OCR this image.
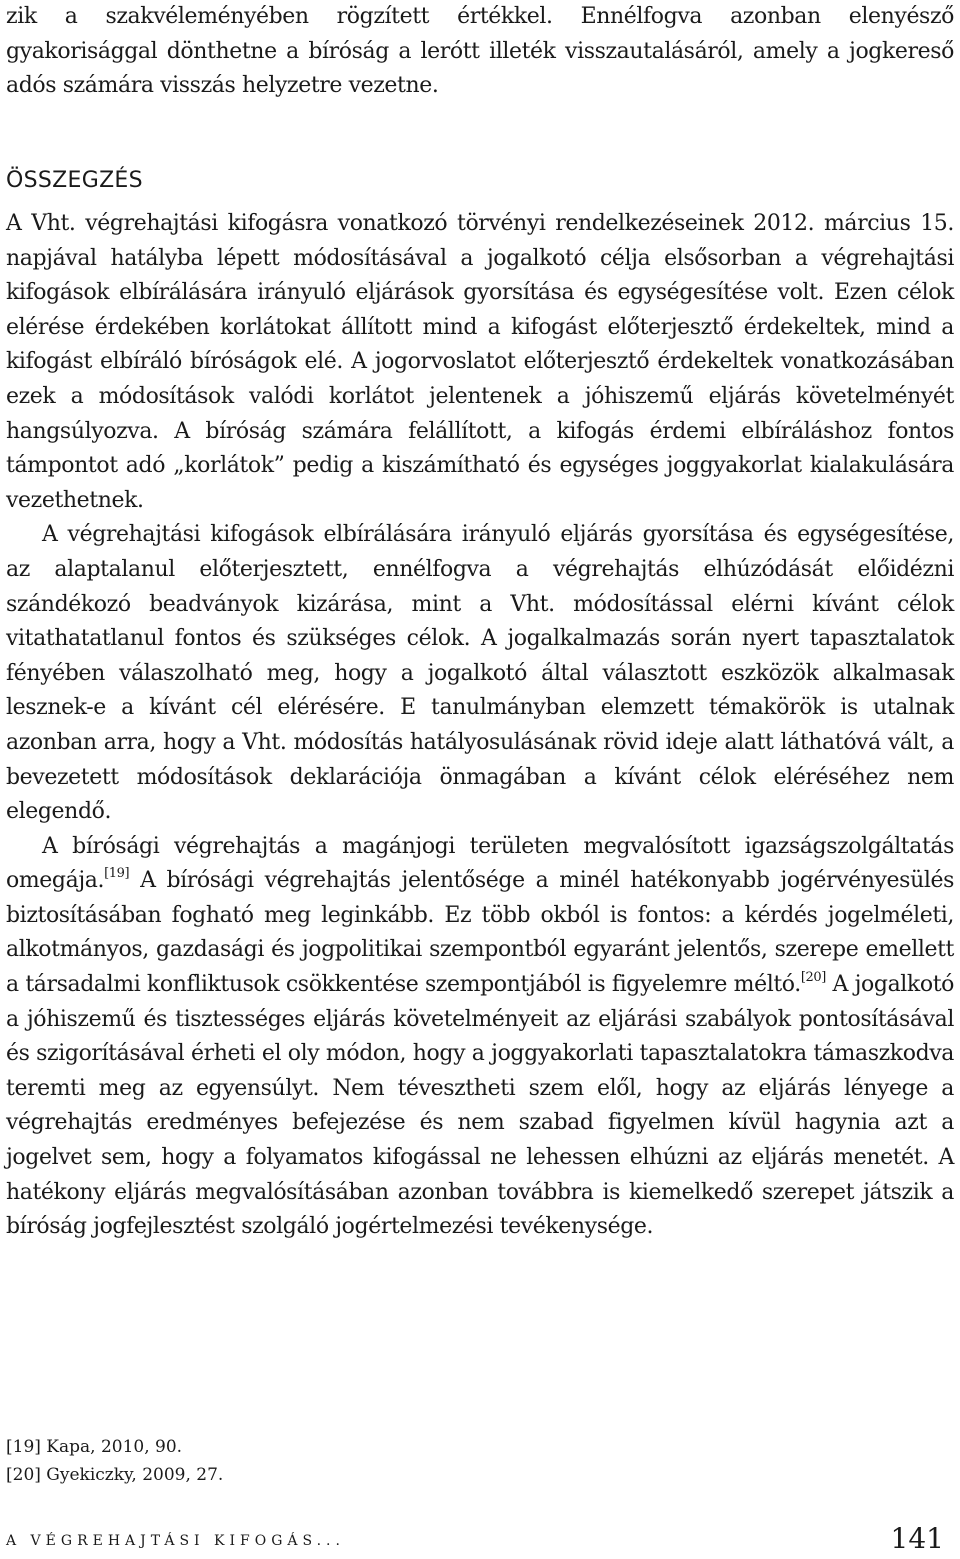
zik a szakvéleményében rögzített értékkel. Ennélfogva azonban elenyésző gyakorisággal dönthetne a bíróság a lerótt illeték visszautalásáról, amely a jogkereső adós számára visszás helyzetre vezetne.

ÖSSZEGZÉS

A Vht. végrehajtási kifogásra vonatkozó törvényi rendelkezéseinek 2012. március 15. napjával hatályba lépett módosításával a jogalkotó célja elsősorban a végrehajtási kifogások elbírálására irányuló eljárások gyorsítása és egységesítése volt. Ezen célok elérése érdekében korlátokat állított mind a kifogást előterjesztő érdekeltek, mind a kifogást elbíráló bíróságok elé. A jogorvoslatot előterjesztő érdekeltek vonatkozásában ezek a módosítások valódi korlátot jelentenek a jóhiszemű eljárás követelményét hangsúlyozva. A bíróság számára felállított, a kifogás érdemi elbíráláshoz fontos támpontot adó „korlátok” pedig a kiszámítható és egységes joggyakorlat kialakulására vezethetnek.

A végrehajtási kifogások elbírálására irányuló eljárás gyorsítása és egységesítése, az alaptalanul előterjesztett, ennélfogva a végrehajtás elhúzódását előidézni szándékozó beadványok kizárása, mint a Vht. módosítással elérni kívánt célok vitathatatlanul fontos és szükséges célok. A jogalkalmazás során nyert tapasztalatok fényében válaszolható meg, hogy a jogalkotó által választott eszközök alkalmasak lesznek-e a kívánt cél elérésére. E tanulmányban elemzett témakörök is utalnak azonban arra, hogy a Vht. módosítás hatályosulásának rövid ideje alatt láthatóvá vált, a bevezetett módosítások deklarációja önmagában a kívánt célok eléréséhez nem elegendő.

A bírósági végrehajtás a magánjogi területen megvalósított igazságszolgáltatás omegája.[19] A bírósági végrehajtás jelentősége a minél hatékonyabb jogérvényesülés biztosításában fogható meg leginkább. Ez több okból is fontos: a kérdés jogelméleti, alkotmányos, gazdasági és jogpolitikai szempontból egyaránt jelentős, szerepe emellett a társadalmi konfliktusok csökkentése szempontjából is figyelemre méltó.[20] A jogalkotó a jóhiszemű és tisztességes eljárás követelményeit az eljárási szabályok pontosításával és szigorításával érheti el oly módon, hogy a joggyakorlati tapasztalatokra támaszkodva teremti meg az egyensúlyt. Nem tévesztheti szem elől, hogy az eljárás lényege a végrehajtás eredményes befejezése és nem szabad figyelmen kívül hagynia azt a jogelvet sem, hogy a folyamatos kifogással ne lehessen elhúzni az eljárás menetét. A hatékony eljárás megvalósításában azonban továbbra is kiemelkedő szerepet játszik a bíróság jogfejlesztést szolgáló jogértelmezési tevékenysége.

[19] Kapa, 2010, 90.

[20] Gyekiczky, 2009, 27.

A VÉGREHAJTÁSI KIFOGÁS...	141
